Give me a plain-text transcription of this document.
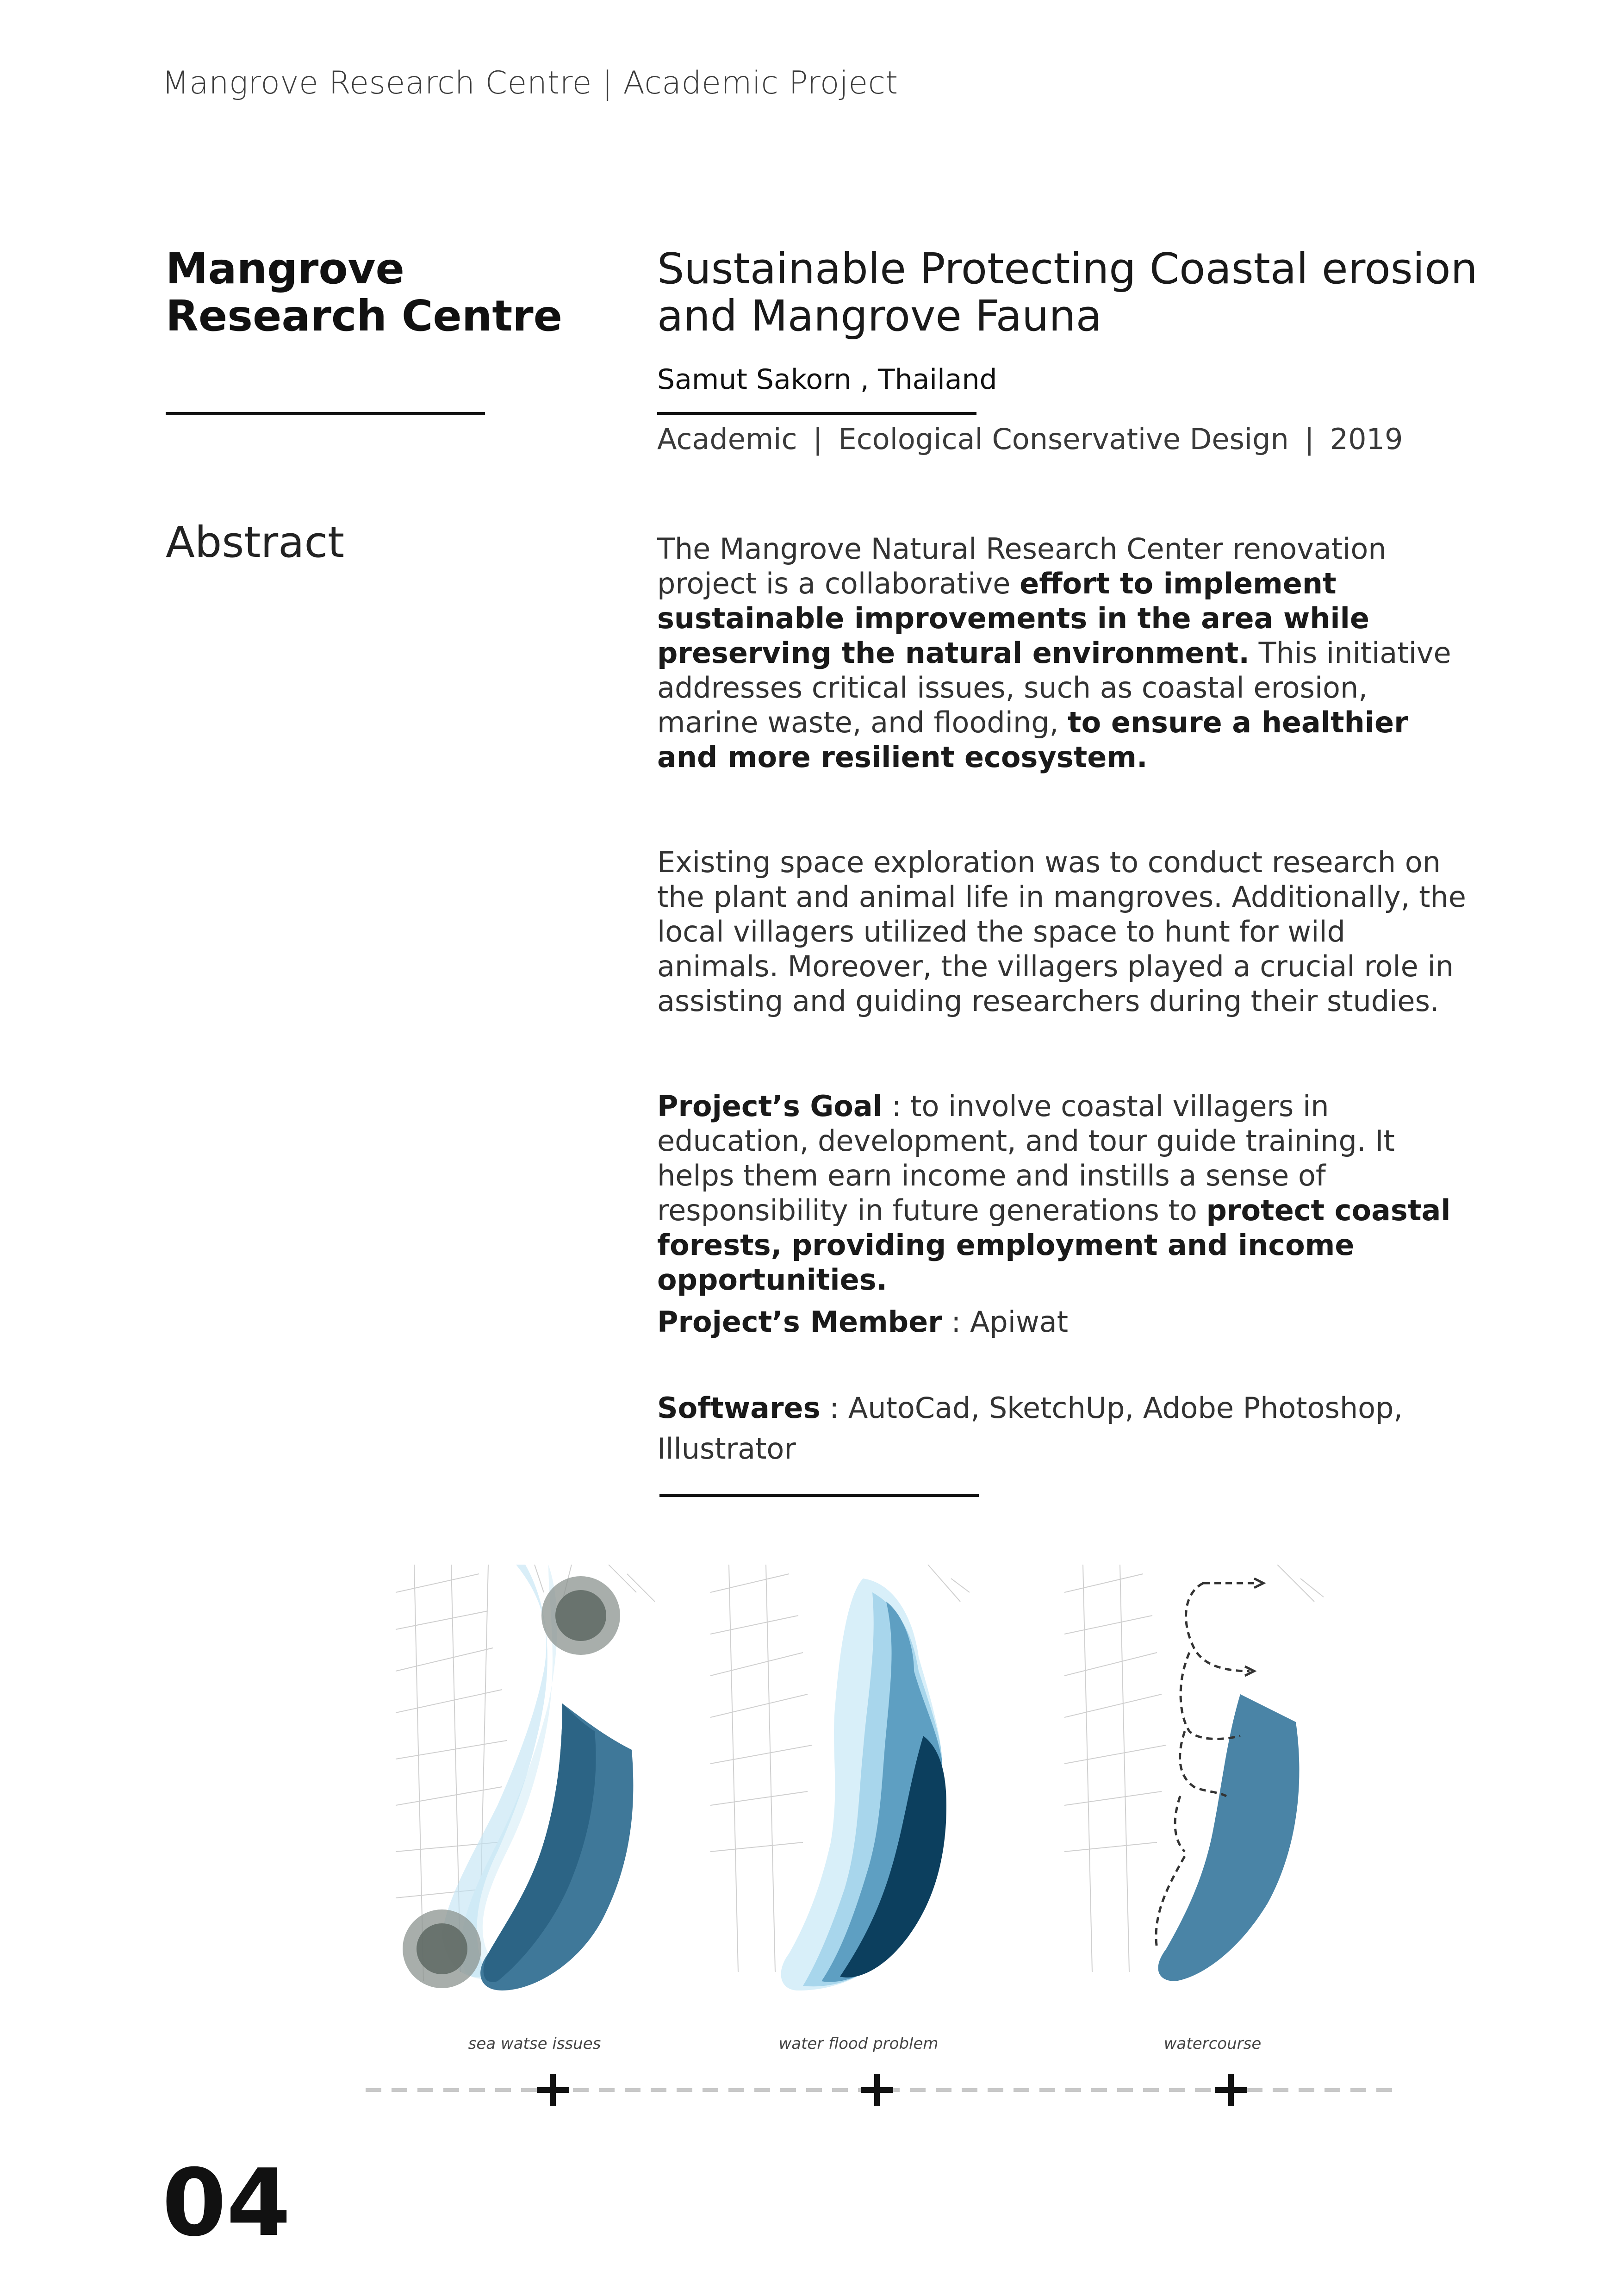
Mangrove Research Centre | Academic Project
Mangrove
Research Centre
Abstract
Sustainable Protecting Coastal erosion
and Mangrove Fauna
Samut Sakorn , Thailand
Academic | Ecological Conservative Design | 2019
The Mangrove Natural Research Center renovation project is a collaborative effort to implement sustainable improvements in the area while preserving the natural environment. This initiative addresses critical issues, such as coastal erosion, marine waste, and flooding, to ensure a healthier and more resilient ecosystem.
Existing space exploration was to conduct research on the plant and animal life in mangroves. Additionally, the local villagers utilized the space to hunt for wild animals. Moreover, the villagers played a crucial role in assisting and guiding researchers during their studies.
Project’s Goal : to involve coastal villagers in education, development, and tour guide training. It helps them earn income and instills a sense of responsibility in future generations to protect coastal forests, providing employment and income opportunities.
Project’s Member : Apiwat
Softwares : AutoCad, SketchUp, Adobe Photoshop, Illustrator
sea watse issues	water flood problem	watercourse
04
